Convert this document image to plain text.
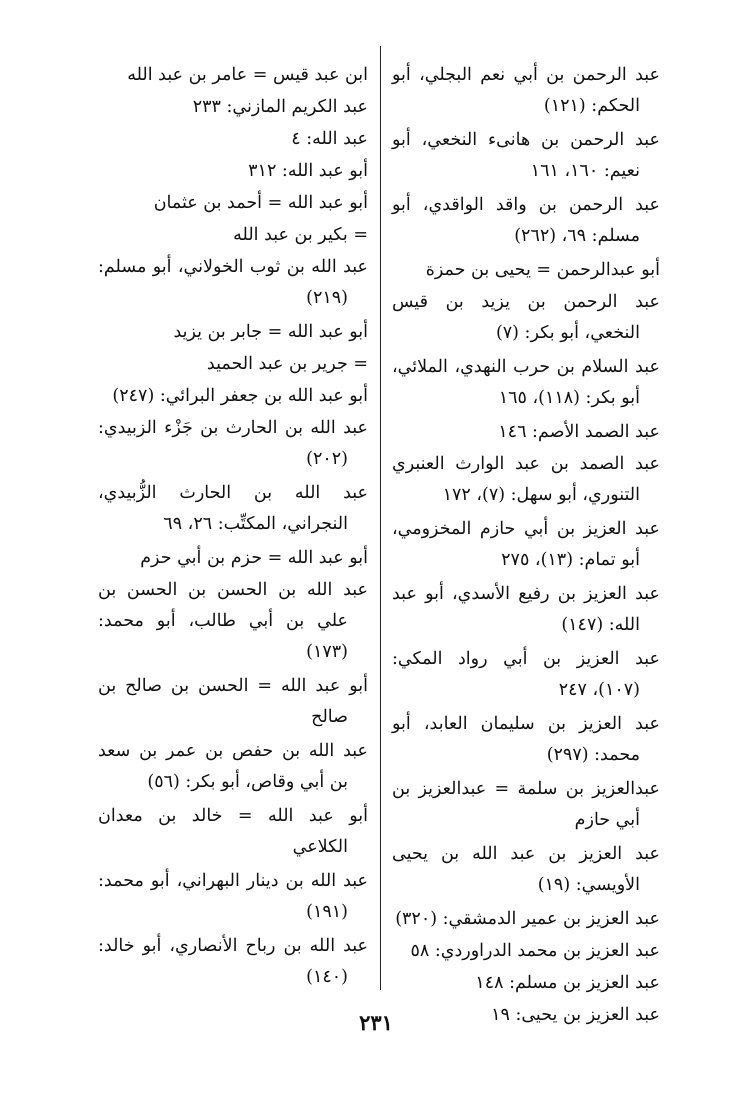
عبد الرحمن بن أبي نعم البجلي، أبو الحكم: (١٢١)

عبد الرحمن بن هانىء النخعي، أبو نعيم: ١٦٠، ١٦١

عبد الرحمن بن واقد الواقدي، أبو مسلم: ٦٩، (٢٦٢)

أبو عبدالرحمن = يحيى بن حمزة

عبد الرحمن بن يزيد بن قيس النخعي، أبو بكر: (٧)

عبد السلام بن حرب النهدي، الملائي، أبو بكر: (١١٨)، ١٦٥

عبد الصمد الأصم: ١٤٦

عبد الصمد بن عبد الوارث العنبري التنوري، أبو سهل: (٧)، ١٧٢

عبد العزيز بن أبي حازم المخزومي، أبو تمام: (١٣)، ٢٧٥

عبد العزيز بن رفيع الأسدي، أبو عبد الله: (١٤٧)

عبد العزيز بن أبي رواد المكي: (١٠٧)، ٢٤٧

عبد العزيز بن سليمان العابد، أبو محمد: (٢٩٧)

عبدالعزيز بن سلمة = عبدالعزيز بن أبي حازم

عبد العزيز بن عبد الله بن يحيى الأويسي: (١٩)

عبد العزيز بن عمير الدمشقي: (٣٢٠)

عبد العزيز بن محمد الدراوردي: ٥٨

عبد العزيز بن مسلم: ١٤٨

عبد العزيز بن يحيى: ١٩

ابن عبد قيس = عامر بن عبد الله

عبد الكريم المازني: ٢٣٣

عبد الله: ٤

أبو عبد الله: ٣١٢

أبو عبد الله = أحمد بن عثمان

= بكير بن عبد الله

عبد الله بن ثوب الخولاني، أبو مسلم: (٢١٩)

أبو عبد الله = جابر بن يزيد

= جرير بن عبد الحميد

أبو عبد الله بن جعفر البرائي: (٢٤٧)

عبد الله بن الحارث بن جَزْء الزبيدي: (٢٠٢)

عبد الله بن الحارث الزُّبيدي، النجراني، المكتِّب: ٢٦، ٦٩

أبو عبد الله = حزم بن أبي حزم

عبد الله بن الحسن بن الحسن بن علي بن أبي طالب، أبو محمد: (١٧٣)

أبو عبد الله = الحسن بن صالح بن صالح

عبد الله بن حفص بن عمر بن سعد بن أبي وقاص، أبو بكر: (٥٦)

أبو عبد الله = خالد بن معدان الكلاعي

عبد الله بن دينار البهراني، أبو محمد: (١٩١)

عبد الله بن رباح الأنصاري، أبو خالد: (١٤٠)

٢٣١
